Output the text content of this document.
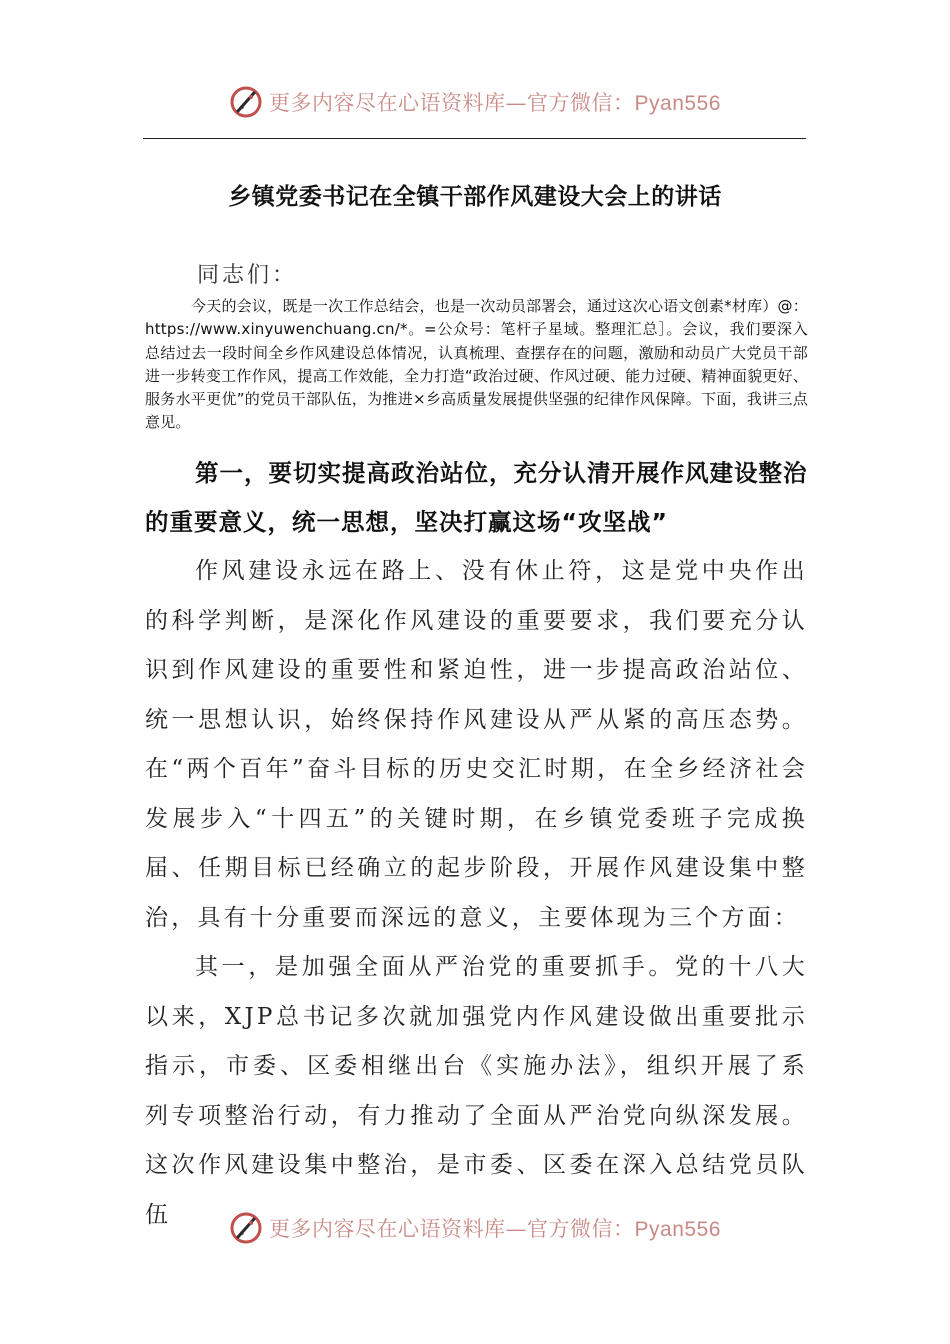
更多内容尽在心语资料库—官方微信：Pyan556
乡镇党委书记在全镇干部作风建设大会上的讲话
同志们：
今天的会议，既是一次工作总结会，也是一次动员部署会，通过这次心语文创素*材库）@：https://www.xinyuwenchuang.cn/*。=公众号：笔杆子星域。整理汇总］。会议，我们要深入总结过去一段时间全乡作风建设总体情况，认真梳理、查摆存在的问题，激励和动员广大党员干部进一步转变工作作风，提高工作效能，全力打造“政治过硬、作风过硬、能力过硬、精神面貌更好、服务水平更优”的党员干部队伍，为推进×乡高质量发展提供坚强的纪律作风保障。下面，我讲三点意见。
第一，要切实提高政治站位，充分认清开展作风建设整治的重要意义，统一思想，坚决打赢这场“攻坚战”
作风建设永远在路上、没有休止符，这是党中央作出的科学判断，是深化作风建设的重要要求，我们要充分认识到作风建设的重要性和紧迫性，进一步提高政治站位、统一思想认识，始终保持作风建设从严从紧的高压态势。在“两个百年”奋斗目标的历史交汇时期，在全乡经济社会发展步入“十四五”的关键时期，在乡镇党委班子完成换届、任期目标已经确立的起步阶段，开展作风建设集中整治，具有十分重要而深远的意义，主要体现为三个方面：
其一，是加强全面从严治党的重要抓手。党的十八大以来，XJP总书记多次就加强党内作风建设做出重要批示指示，市委、区委相继出台《实施办法》，组织开展了系列专项整治行动，有力推动了全面从严治党向纵深发展。这次作风建设集中整治，是市委、区委在深入总结党员队伍
更多内容尽在心语资料库—官方微信：Pyan556
